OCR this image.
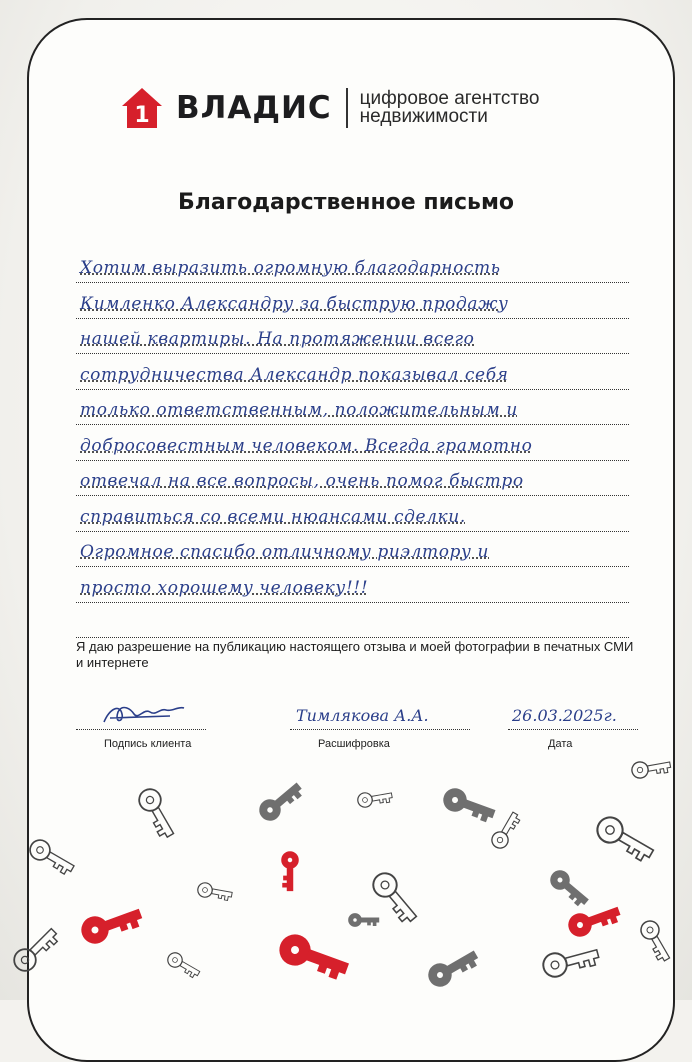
1 ВЛАДИС цифровое агентство
недвижимости
Благодарственное письмо
Хотим выразить огромную благодарность
Кимленко Александру за быструю продажу
нашей квартиры. На протяжении всего
сотрудничества Александр показывал себя
только ответственным, положительным и
добросовестным человеком. Всегда грамотно
отвечал на все вопросы, очень помог быстро
справиться со всеми нюансами сделки.
Огромное спасибо отличному риэлтору и
просто хорошему человеку!!!
Я даю разрешение на публикацию настоящего отзыва и моей фотографии в печатных СМИ и интернете
Подпись клиента
Тимлякова А.А.
Расшифровка
26.03.2025г.
Дата
